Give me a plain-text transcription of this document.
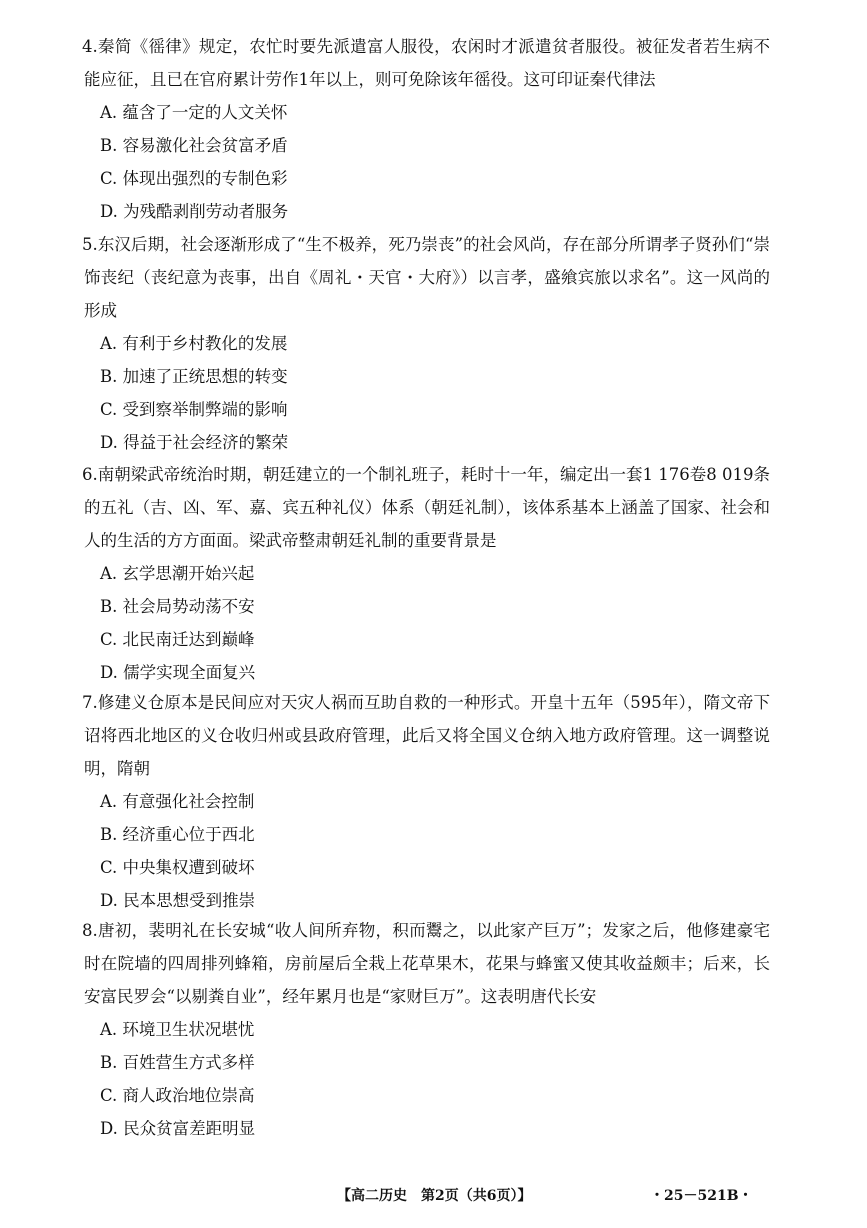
4.秦简《徭律》规定，农忙时要先派遣富人服役，农闲时才派遣贫者服役。被征发者若生病不能应征，且已在官府累计劳作1年以上，则可免除该年徭役。这可印证秦代律法
A. 蕴含了一定的人文关怀
B. 容易激化社会贫富矛盾
C. 体现出强烈的专制色彩
D. 为残酷剥削劳动者服务
5.东汉后期，社会逐渐形成了“生不极养，死乃崇丧”的社会风尚，存在部分所谓孝子贤孙们“崇饰丧纪（丧纪意为丧事，出自《周礼・天官・大府》）以言孝，盛飨宾旅以求名”。这一风尚的形成
A. 有利于乡村教化的发展
B. 加速了正统思想的转变
C. 受到察举制弊端的影响
D. 得益于社会经济的繁荣
6.南朝梁武帝统治时期，朝廷建立的一个制礼班子，耗时十一年，编定出一套1 176卷8 019条的五礼（吉、凶、军、嘉、宾五种礼仪）体系（朝廷礼制），该体系基本上涵盖了国家、社会和人的生活的方方面面。梁武帝整肃朝廷礼制的重要背景是
A. 玄学思潮开始兴起
B. 社会局势动荡不安
C. 北民南迁达到巅峰
D. 儒学实现全面复兴
7.修建义仓原本是民间应对天灾人祸而互助自救的一种形式。开皇十五年（595年），隋文帝下诏将西北地区的义仓收归州或县政府管理，此后又将全国义仓纳入地方政府管理。这一调整说明，隋朝
A. 有意强化社会控制
B. 经济重心位于西北
C. 中央集权遭到破坏
D. 民本思想受到推崇
8.唐初，裴明礼在长安城“收人间所弃物，积而鬻之，以此家产巨万”；发家之后，他修建豪宅时在院墙的四周排列蜂箱，房前屋后全栽上花草果木，花果与蜂蜜又使其收益颇丰；后来，长安富民罗会“以剔粪自业”，经年累月也是“家财巨万”。这表明唐代长安
A. 环境卫生状况堪忧
B. 百姓营生方式多样
C. 商人政治地位崇高
D. 民众贫富差距明显
【高二历史　第2页（共6页）】	・25－521B・
